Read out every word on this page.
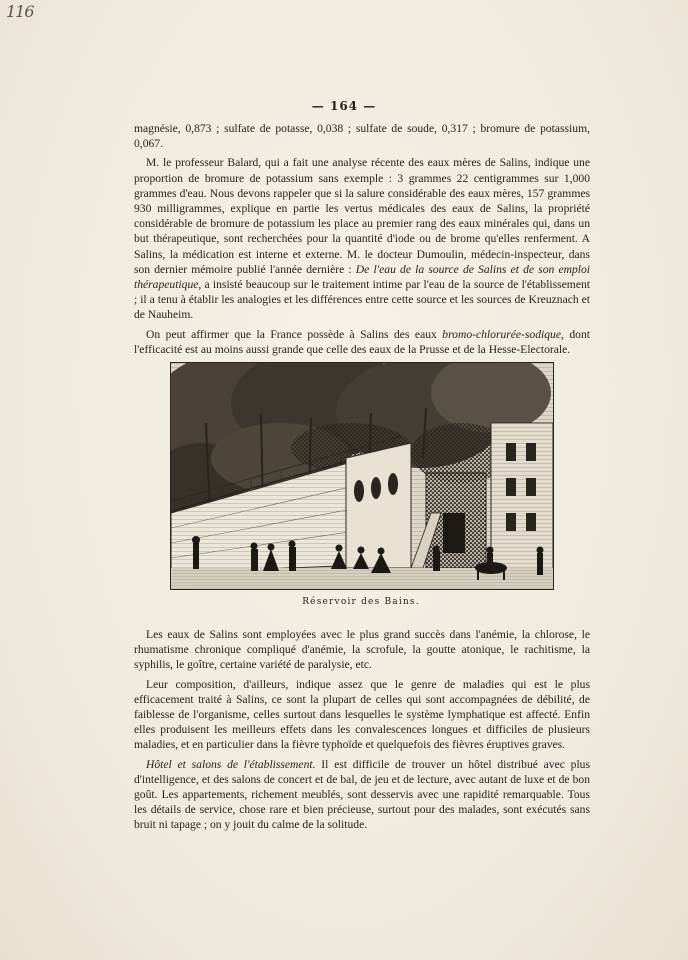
116
— 164 —

magnésie, 0,873 ; sulfate de potasse, 0,038 ; sulfate de soude, 0,317 ; bromure de potassium, 0,067.

M. le professeur Balard, qui a fait une analyse récente des eaux mères de Salins, indique une proportion de bromure de potassium sans exemple : 3 grammes 22 centigrammes sur 1,000 grammes d'eau. Nous devons rappeler que si la salure considérable des eaux mères, 157 grammes 930 milligrammes, explique en partie les vertus médicales des eaux de Salins, la propriété considérable de bromure de potassium les place au premier rang des eaux minérales qui, dans un but thérapeutique, sont recherchées pour la quantité d'iode ou de brome qu'elles renferment. A Salins, la médication est interne et externe. M. le docteur Dumoulin, médecin-inspecteur, dans son dernier mémoire publié l'année dernière : De l'eau de la source de Salins et de son emploi thérapeutique, a insisté beaucoup sur le traitement intime par l'eau de la source de l'établissement ; il a tenu à établir les analogies et les différences entre cette source et les sources de Kreuznach et de Nauheim.

On peut affirmer que la France possède à Salins des eaux bromo-chlorurée-sodique, dont l'efficacité est au moins aussi grande que celle des eaux de la Prusse et de la Hesse-Electorale.

Réservoir des Bains.

Les eaux de Salins sont employées avec le plus grand succès dans l'anémie, la chlorose, le rhumatisme chronique compliqué d'anémie, la scrofule, la goutte atonique, le rachitisme, la syphilis, le goître, certaine variété de paralysie, etc.

Leur composition, d'ailleurs, indique assez que le genre de maladies qui est le plus efficacement traité à Salins, ce sont la plupart de celles qui sont accompagnées de débilité, de faiblesse de l'organisme, celles surtout dans lesquelles le système lymphatique est affecté. Enfin elles produisent les meilleurs effets dans les convalescences longues et difficiles de plusieurs maladies, et en particulier dans la fièvre typhoïde et quelquefois des fièvres éruptives graves.

Hôtel et salons de l'établissement. Il est difficile de trouver un hôtel distribué avec plus d'intelligence, et des salons de concert et de bal, de jeu et de lecture, avec autant de luxe et de bon goût. Les appartements, richement meublés, sont desservis avec une rapidité remarquable. Tous les détails de service, chose rare et bien précieuse, surtout pour des malades, sont exécutés sans bruit ni tapage ; on y jouit du calme de la solitude.
